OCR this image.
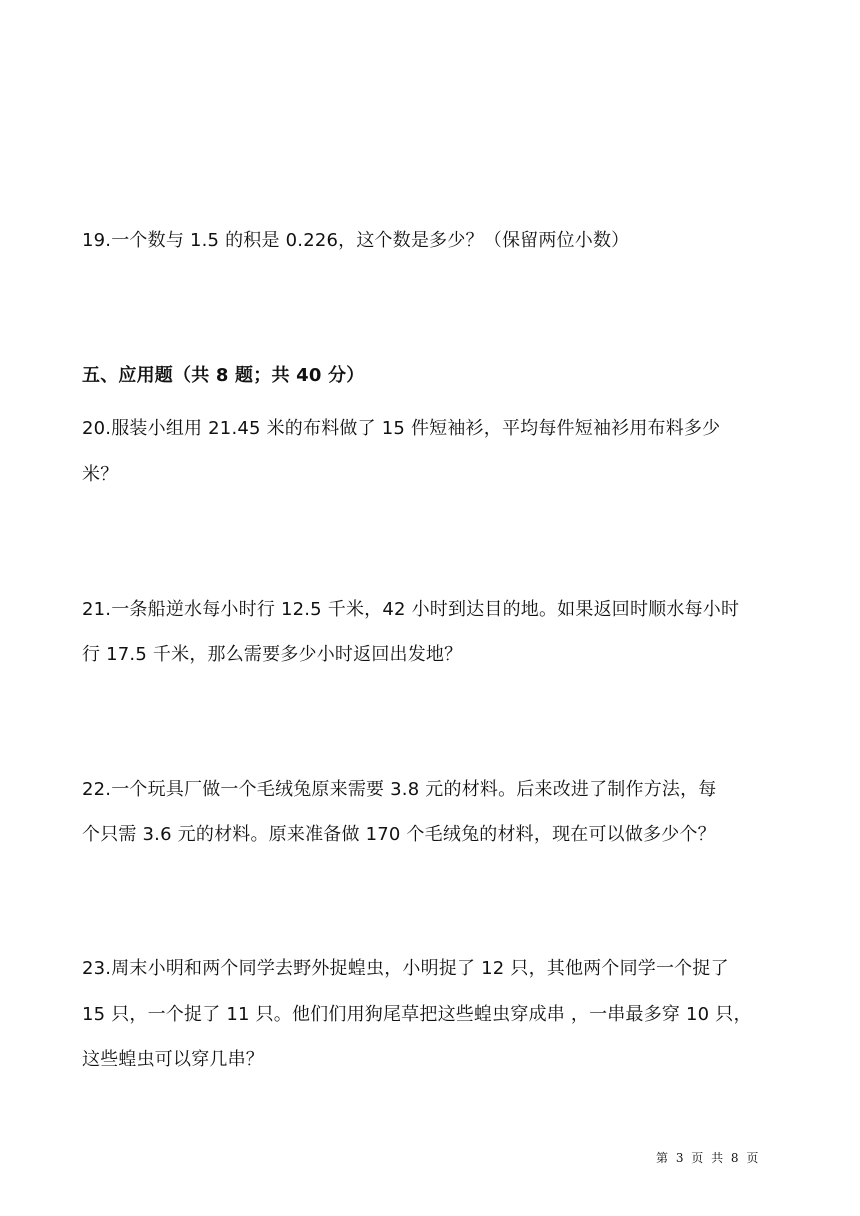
19.一个数与 1.5 的积是 0.226，这个数是多少？（保留两位小数）
五、应用题（共 8 题；共 40 分）
20.服装小组用 21.45 米的布料做了 15 件短袖衫，平均每件短袖衫用布料多少
米？
21.一条船逆水每小时行 12.5 千米，42 小时到达目的地。如果返回时顺水每小时
行 17.5 千米，那么需要多少小时返回出发地？
22.一个玩具厂做一个毛绒兔原来需要 3.8 元的材料。后来改进了制作方法，每
个只需 3.6 元的材料。原来准备做 170 个毛绒兔的材料，现在可以做多少个？
23.周末小明和两个同学去野外捉蝗虫，小明捉了 12 只，其他两个同学一个捉了
15 只，一个捉了 11 只。他们们用狗尾草把这些蝗虫穿成串 ，一串最多穿 10 只，
这些蝗虫可以穿几串？
第 3 页 共 8 页
